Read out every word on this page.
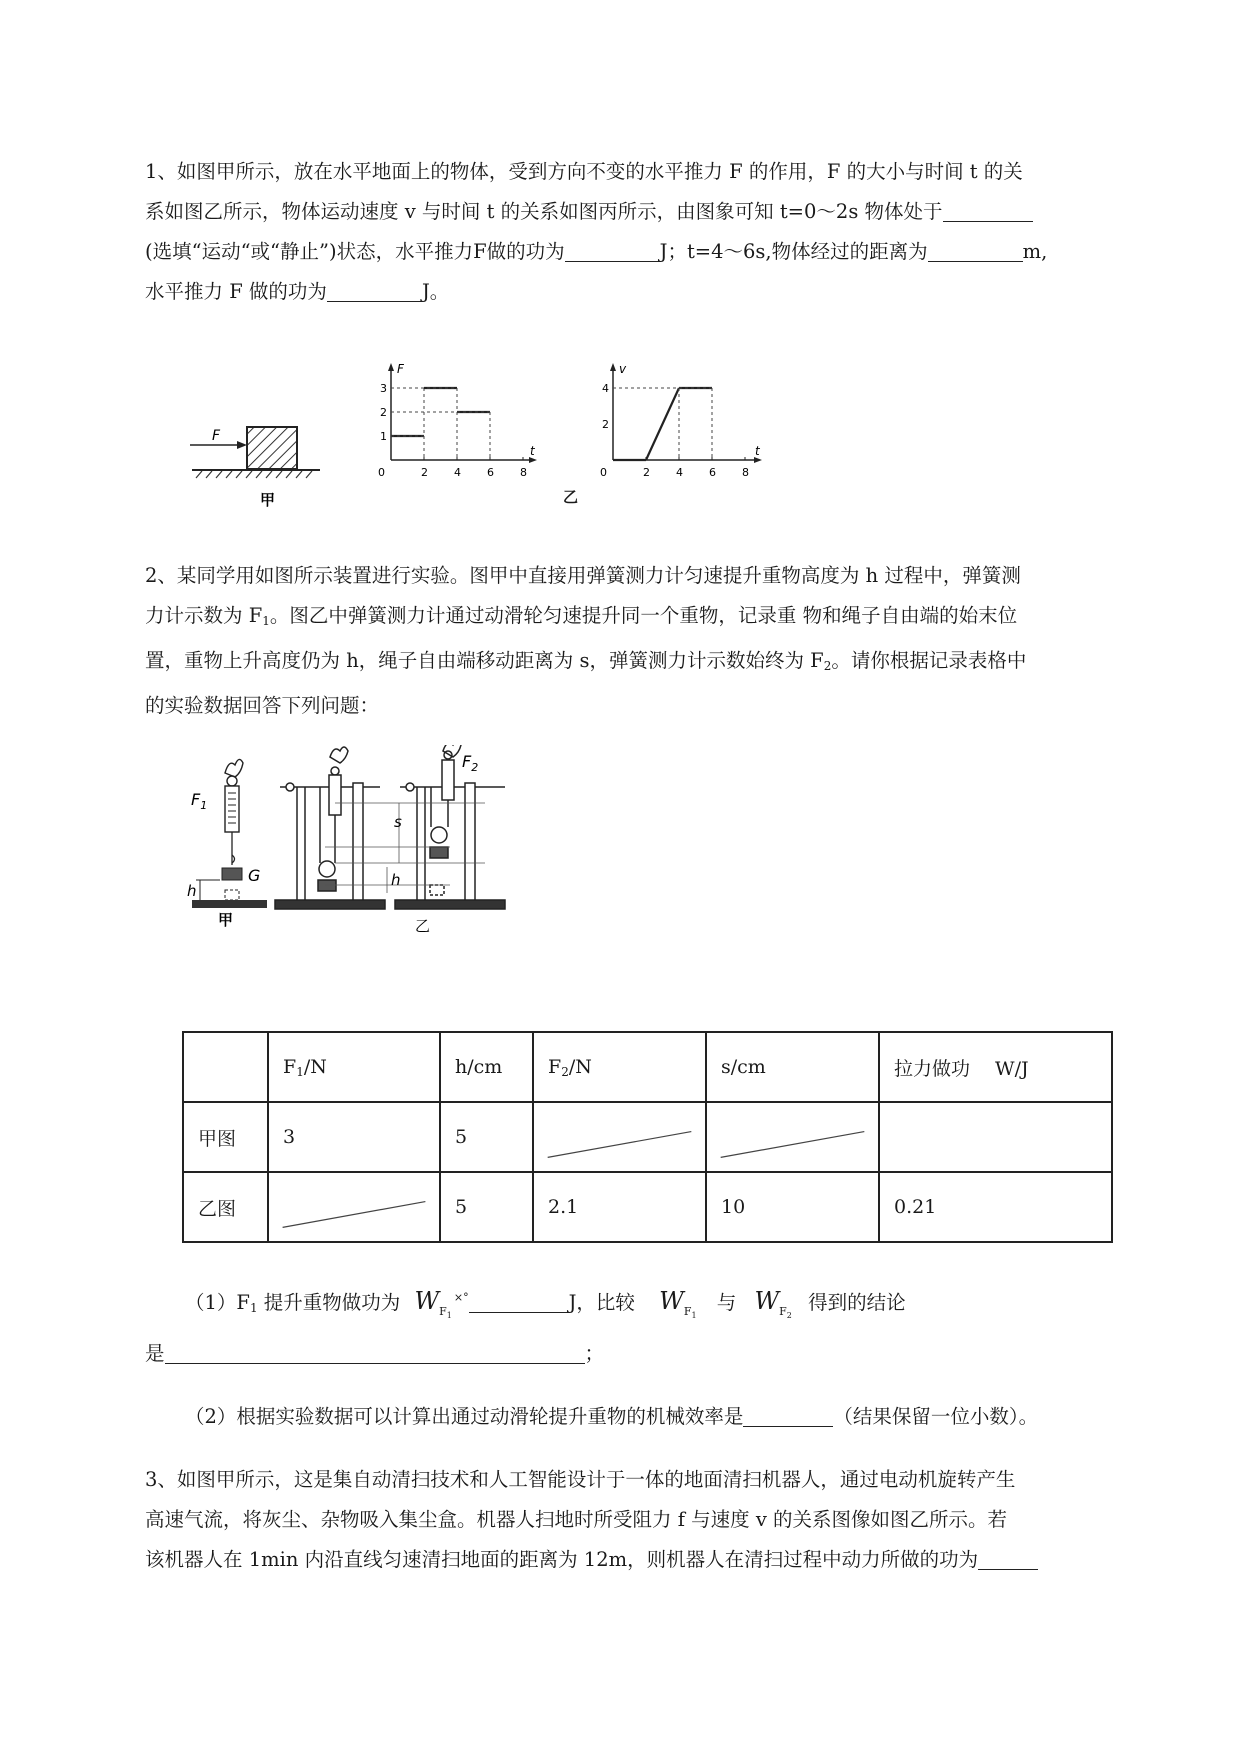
1、如图甲所示，放在水平地面上的物体，受到方向不变的水平推力 F 的作用，F 的大小与时间 t 的关
系如图乙所示，物体运动速度 v 与时间 t 的关系如图丙所示，由图象可知 t=0～2s 物体处于
(选填“运动“或“静止”)状态，水平推力F做的功为	J；t=4～6s,物体经过的距离为	m,
水平推力 F 做的功为	J。
F
甲
F
t
0	2 4 6 8
1
2
3
乙
v
t
0	2 4 6 8
2
4
2、某同学用如图所示装置进行实验。图甲中直接用弹簧测力计匀速提升重物高度为 h 过程中，弹簧测
力计示数为 $F_1$。图乙中弹簧测力计通过动滑轮匀速提升同一个重物，记录重 物和绳子自由端的始末位
置，重物上升高度仍为 h，绳子自由端移动距离为 s，弹簧测力计示数始终为 $F_2$。请你根据记录表格中
的实验数据回答下列问题：
$F_1$
G
h
甲
s
h
$F_2$
乙
	$F_1/N$	h/cm	$F_2/N$	s/cm	拉力做功　 W/J
甲图	3	5	

乙图		5	2.1	10	0.21
$(1)F_1$ 提升重物做功为 $W_{F_1}^{\times^\circ}$	J，比较 $W_{F_1}$ 与 $W_{F_2}$ 得到的结论
是	；
（2）根据实验数据可以计算出通过动滑轮提升重物的机械效率是	（结果保留一位小数）。
3、如图甲所示，这是集自动清扫技术和人工智能设计于一体的地面清扫机器人，通过电动机旋转产生
高速气流，将灰尘、杂物吸入集尘盒。机器人扫地时所受阻力 f 与速度 v 的关系图像如图乙所示。若
该机器人在 1min 内沿直线匀速清扫地面的距离为 12m，则机器人在清扫过程中动力所做的功为
